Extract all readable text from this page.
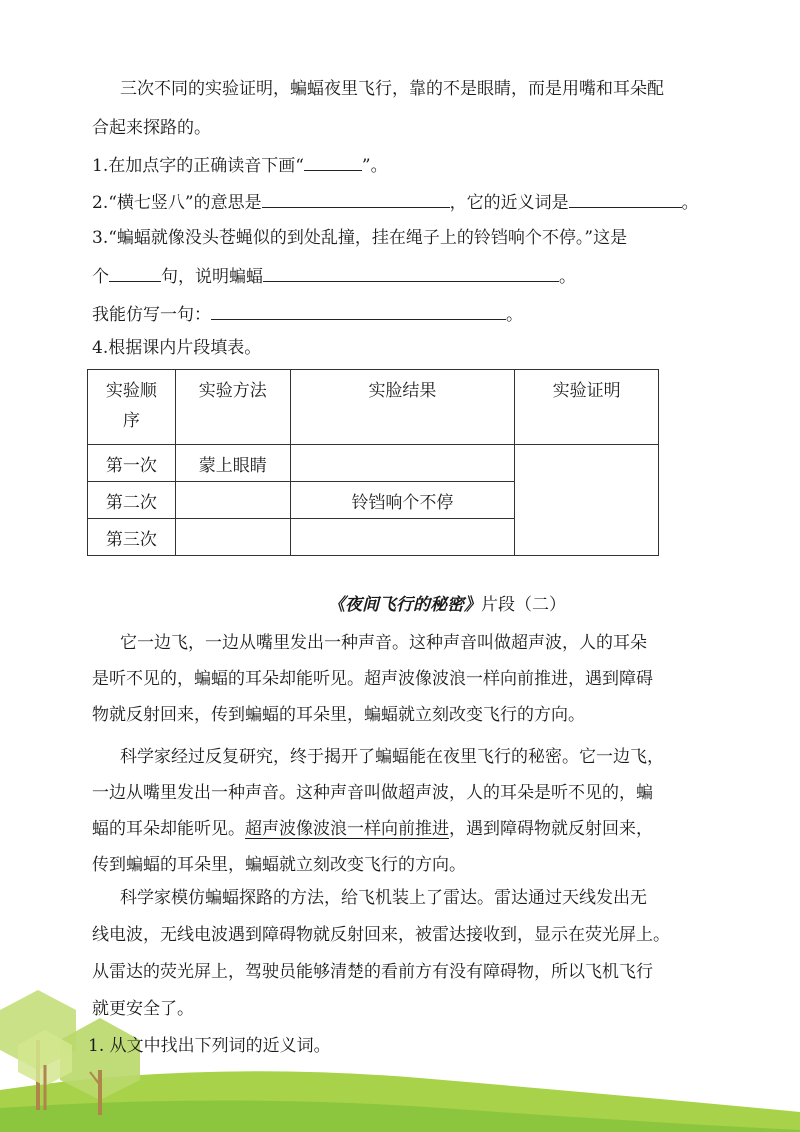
三次不同的实验证明，蝙蝠夜里飞行，靠的不是眼睛，而是用嘴和耳朵配
合起来探路的。
1.在加点字的正确读音下画“	”。
2.“横七竖八”的意思是	，它的近义词是	。
3.“蝙蝠就像没头苍蝇似的到处乱撞，挂在绳子上的铃铛响个不停。”这是
个	句，说明蝙蝠	。
我能仿写一句：	。
4.根据课内片段填表。
实验顺
序	实验方法	实脸结果	实验证明
第一次	蒙上眼睛		
第二次		铃铛响个不停	
第三次			
《夜间飞行的秘密》片段（二）
它一边飞，一边从嘴里发出一种声音。这种声音叫做超声波，人的耳朵
是听不见的，蝙蝠的耳朵却能听见。超声波像波浪一样向前推进，遇到障碍
物就反射回来，传到蝙蝠的耳朵里，蝙蝠就立刻改变飞行的方向。
科学家经过反复研究，终于揭开了蝙蝠能在夜里飞行的秘密。它一边飞，
一边从嘴里发出一种声音。这种声音叫做超声波，人的耳朵是听不见的，蝙
蝠的耳朵却能听见。超声波像波浪一样向前推进，遇到障碍物就反射回来，
传到蝙蝠的耳朵里，蝙蝠就立刻改变飞行的方向。
科学家模仿蝙蝠探路的方法，给飞机装上了雷达。雷达通过天线发出无
线电波，无线电波遇到障碍物就反射回来，被雷达接收到，显示在荧光屏上。
从雷达的荧光屏上，驾驶员能够清楚的看前方有没有障碍物，所以飞机飞行
就更安全了。
1. 从文中找出下列词的近义词。
